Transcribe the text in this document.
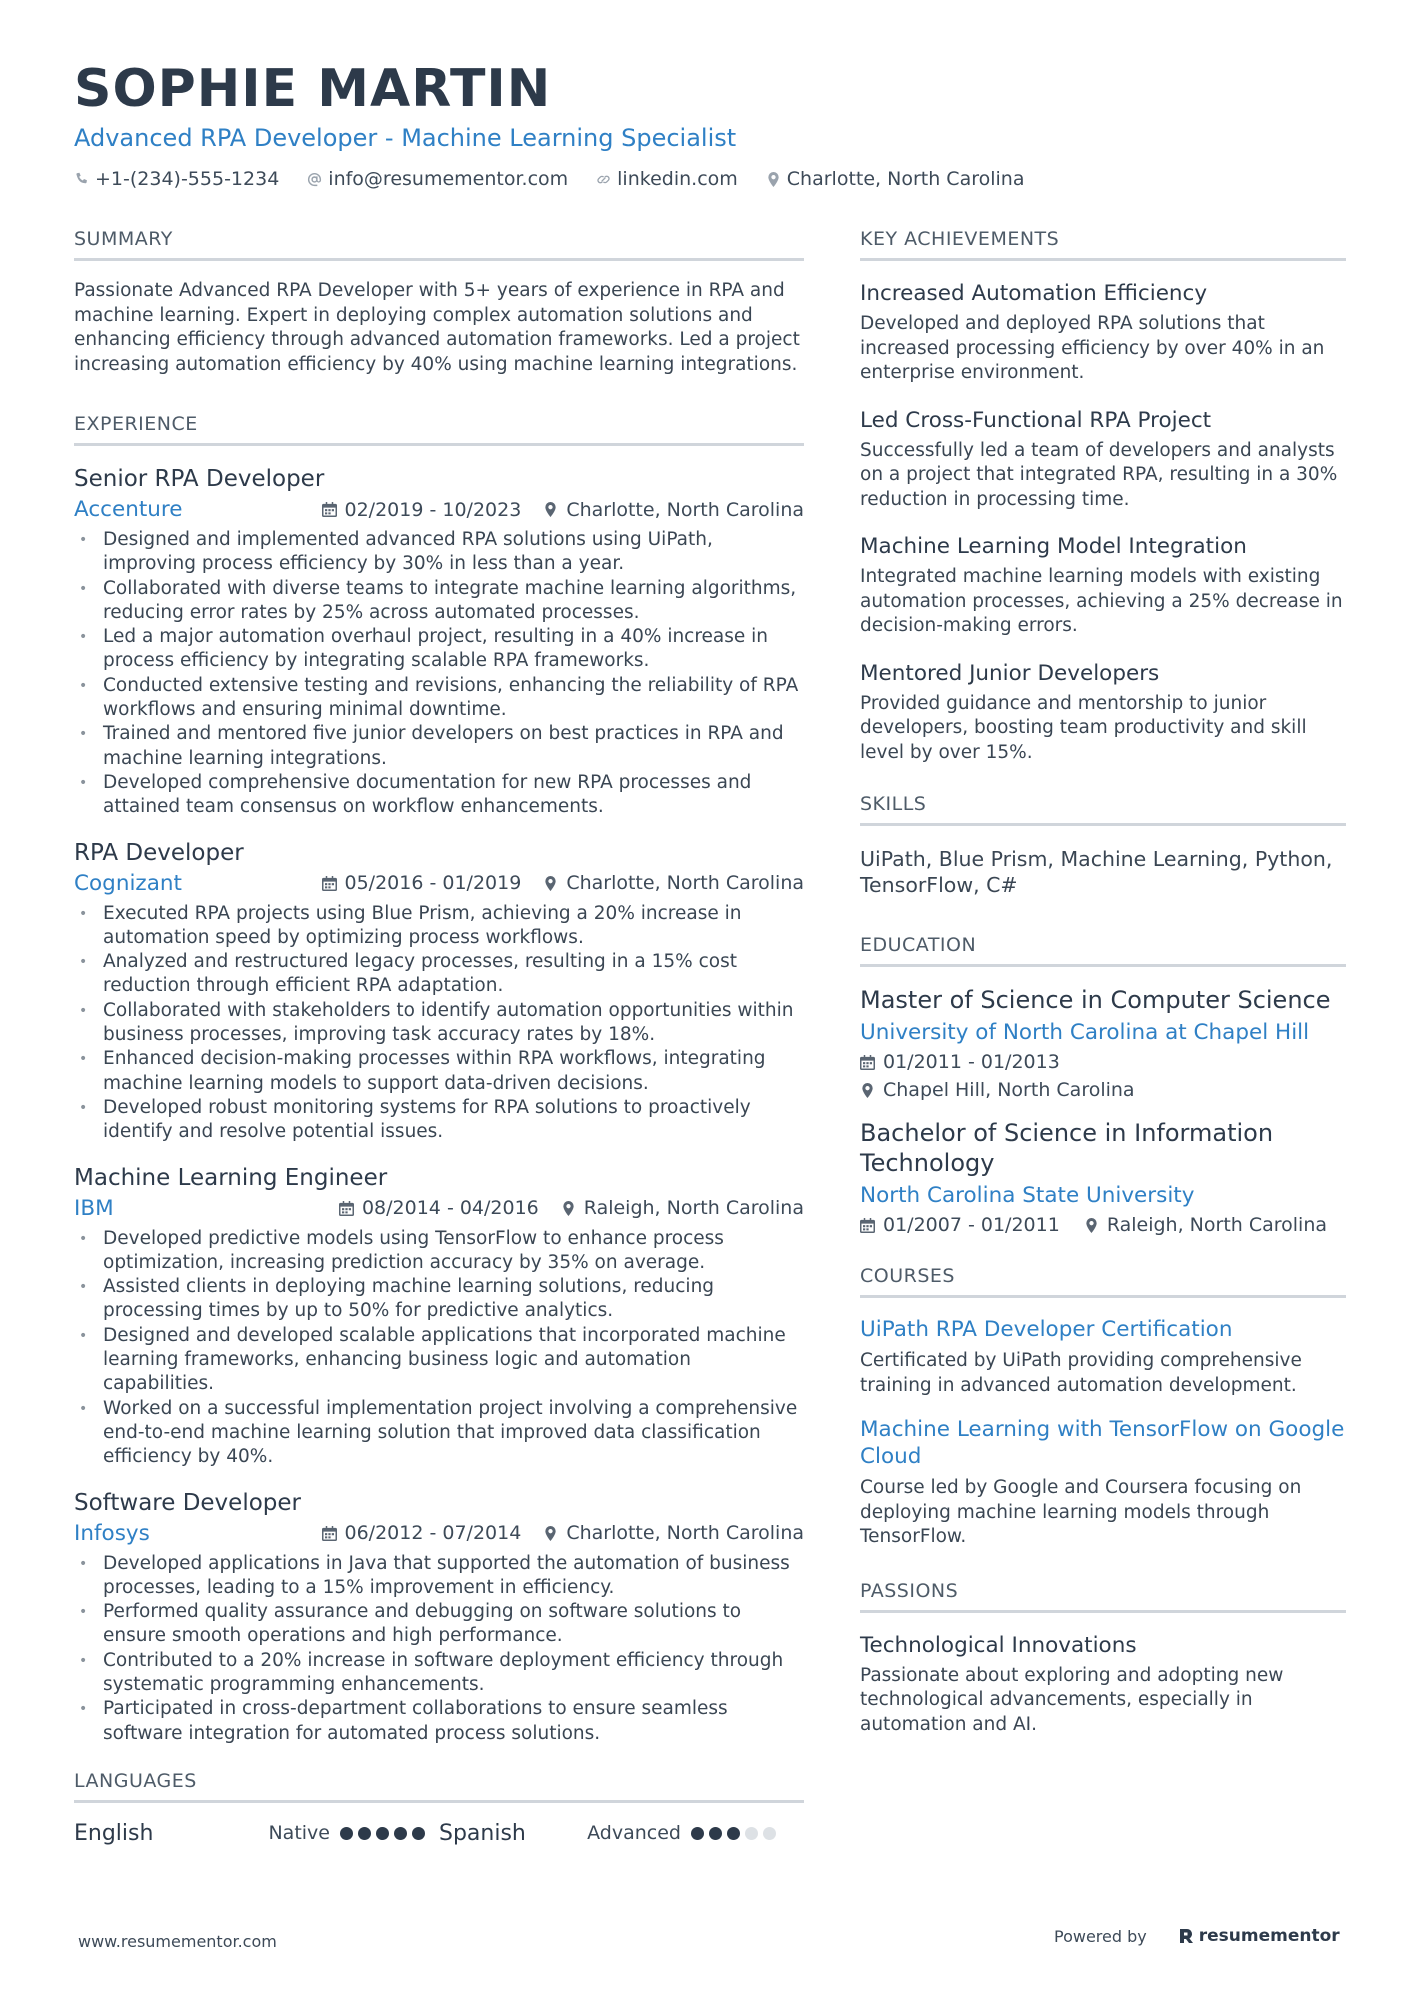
SOPHIE MARTIN
Advanced RPA Developer - Machine Learning Specialist
+1-(234)-555-1234	info@resumementor.com	linkedin.com	Charlotte, North Carolina
SUMMARY
Passionate Advanced RPA Developer with 5+ years of experience in RPA and machine learning. Expert in deploying complex automation solutions and enhancing efficiency through advanced automation frameworks. Led a project increasing automation efficiency by 40% using machine learning integrations.
EXPERIENCE
Senior RPA Developer
Accenture	02/2019 - 10/2023 Charlotte, North Carolina
• Designed and implemented advanced RPA solutions using UiPath, improving process efficiency by 30% in less than a year.
• Collaborated with diverse teams to integrate machine learning algorithms, reducing error rates by 25% across automated processes.
• Led a major automation overhaul project, resulting in a 40% increase in process efficiency by integrating scalable RPA frameworks.
• Conducted extensive testing and revisions, enhancing the reliability of RPA workflows and ensuring minimal downtime.
• Trained and mentored five junior developers on best practices in RPA and machine learning integrations.
• Developed comprehensive documentation for new RPA processes and attained team consensus on workflow enhancements.
RPA Developer
Cognizant	05/2016 - 01/2019 Charlotte, North Carolina
• Executed RPA projects using Blue Prism, achieving a 20% increase in automation speed by optimizing process workflows.
• Analyzed and restructured legacy processes, resulting in a 15% cost reduction through efficient RPA adaptation.
• Collaborated with stakeholders to identify automation opportunities within business processes, improving task accuracy rates by 18%.
• Enhanced decision-making processes within RPA workflows, integrating machine learning models to support data-driven decisions.
• Developed robust monitoring systems for RPA solutions to proactively identify and resolve potential issues.
Machine Learning Engineer
IBM	08/2014 - 04/2016 Raleigh, North Carolina
• Developed predictive models using TensorFlow to enhance process optimization, increasing prediction accuracy by 35% on average.
• Assisted clients in deploying machine learning solutions, reducing processing times by up to 50% for predictive analytics.
• Designed and developed scalable applications that incorporated machine learning frameworks, enhancing business logic and automation capabilities.
• Worked on a successful implementation project involving a comprehensive end-to-end machine learning solution that improved data classification efficiency by 40%.
Software Developer
Infosys	06/2012 - 07/2014 Charlotte, North Carolina
• Developed applications in Java that supported the automation of business processes, leading to a 15% improvement in efficiency.
• Performed quality assurance and debugging on software solutions to ensure smooth operations and high performance.
• Contributed to a 20% increase in software deployment efficiency through systematic programming enhancements.
• Participated in cross-department collaborations to ensure seamless software integration for automated process solutions.
LANGUAGES
English	Native	Spanish	Advanced
KEY ACHIEVEMENTS
Increased Automation Efficiency
Developed and deployed RPA solutions that increased processing efficiency by over 40% in an enterprise environment.
Led Cross-Functional RPA Project
Successfully led a team of developers and analysts on a project that integrated RPA, resulting in a 30% reduction in processing time.
Machine Learning Model Integration
Integrated machine learning models with existing automation processes, achieving a 25% decrease in decision-making errors.
Mentored Junior Developers
Provided guidance and mentorship to junior developers, boosting team productivity and skill level by over 15%.
SKILLS
UiPath, Blue Prism, Machine Learning, Python, TensorFlow, C#
EDUCATION
Master of Science in Computer Science
University of North Carolina at Chapel Hill
01/2011 - 01/2013
Chapel Hill, North Carolina
Bachelor of Science in Information Technology
North Carolina State University
01/2007 - 01/2011 Raleigh, North Carolina
COURSES
UiPath RPA Developer Certification
Certificated by UiPath providing comprehensive training in advanced automation development.
Machine Learning with TensorFlow on Google Cloud
Course led by Google and Coursera focusing on deploying machine learning models through TensorFlow.
PASSIONS
Technological Innovations
Passionate about exploring and adopting new technological advancements, especially in automation and AI.
www.resumementor.com	Powered by	resumementor
